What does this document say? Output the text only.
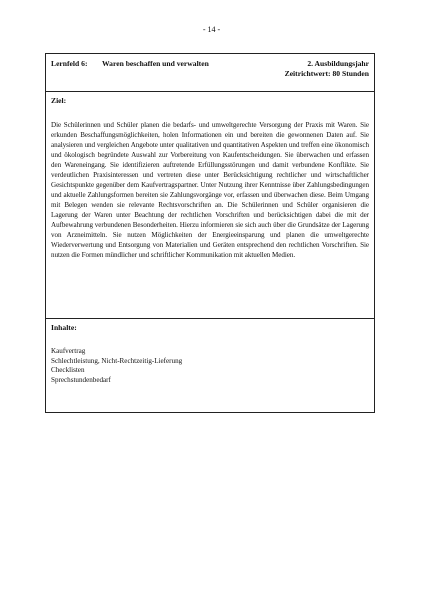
- 14 -
Lernfeld 6:	Waren beschaffen und verwalten	2. Ausbildungsjahr
Zeitrichtwert: 80 Stunden

Ziel:

Die Schülerinnen und Schüler planen die bedarfs- und umweltgerechte Versorgung der Praxis mit Waren. Sie erkunden Beschaffungsmöglichkeiten, holen Informationen ein und bereiten die gewonnenen Daten auf. Sie analysieren und vergleichen Angebote unter qualitativen und quantitativen Aspekten und treffen eine ökonomisch und ökologisch begründete Auswahl zur Vorbereitung von Kaufentscheidungen. Sie überwachen und erfassen den Wareneingang. Sie identifizieren auftretende Erfüllungsstörungen und damit verbundene Konflikte. Sie verdeutlichen Praxisinteressen und vertreten diese unter Berücksichtigung rechtlicher und wirtschaftlicher Gesichtspunkte gegenüber dem Kaufvertragspartner. Unter Nutzung ihrer Kenntnisse über Zahlungsbedingungen und aktuelle Zahlungsformen bereiten sie Zahlungsvorgänge vor, erfassen und überwachen diese. Beim Umgang mit Belegen wenden sie relevante Rechtsvorschriften an. Die Schülerinnen und Schüler organisieren die Lagerung der Waren unter Beachtung der rechtlichen Vorschriften und berücksichtigen dabei die mit der Aufbewahrung verbundenen Besonderheiten. Hierzu informieren sie sich auch über die Grundsätze der Lagerung von Arzneimitteln. Sie nutzen Möglichkeiten der Energieeinsparung und planen die umweltgerechte Wiederverwertung und Entsorgung von Materialien und Geräten entsprechend den rechtlichen Vorschriften. Sie nutzen die Formen mündlicher und schriftlicher Kommunikation mit aktuellen Medien.

Inhalte:

Kaufvertrag
Schlechtleistung, Nicht-Rechtzeitig-Lieferung
Checklisten
Sprechstundenbedarf
